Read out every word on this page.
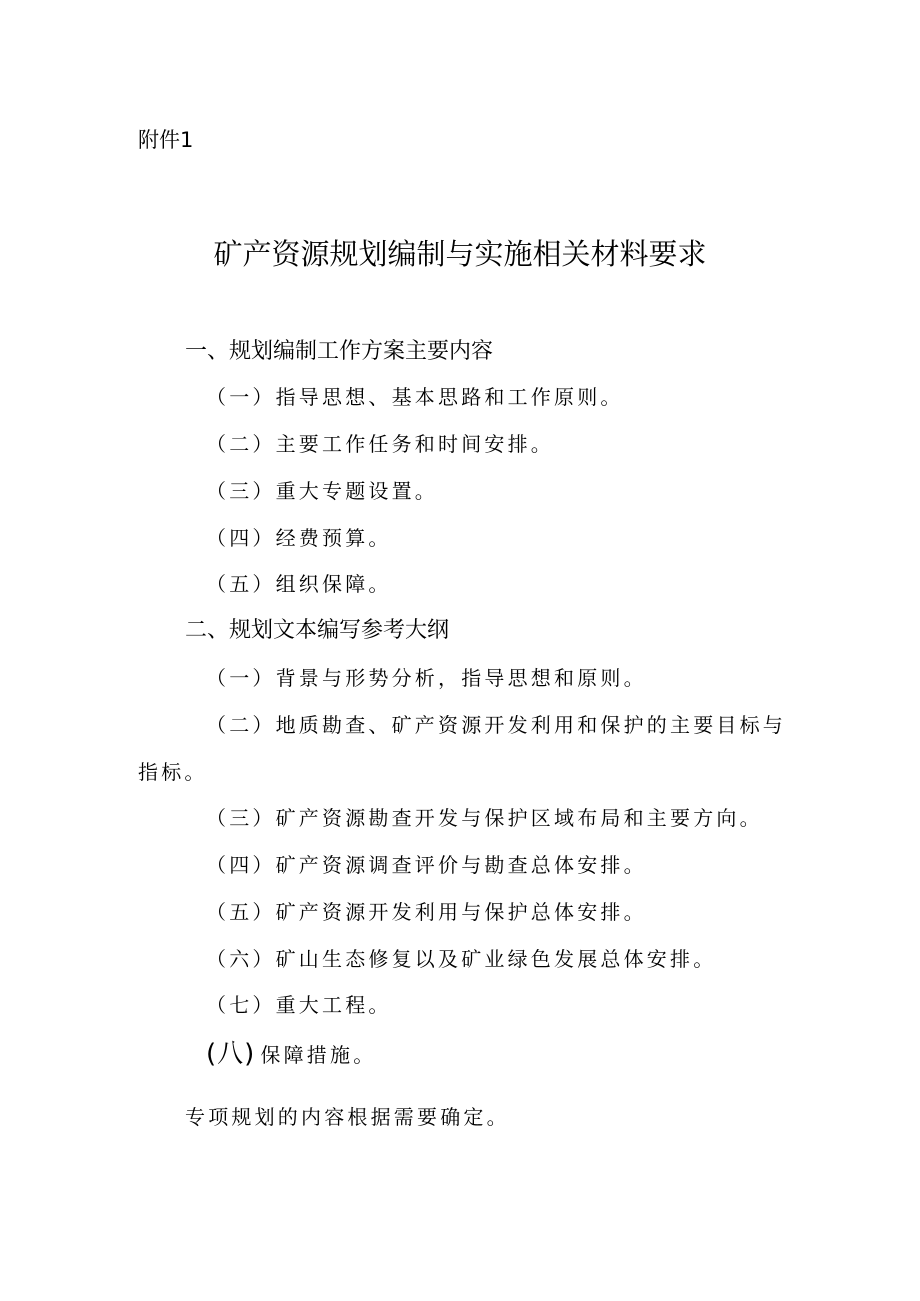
附件1
矿产资源规划编制与实施相关材料要求
一、规划编制工作方案主要内容
（一）指导思想、基本思路和工作原则。
（二）主要工作任务和时间安排。
（三）重大专题设置。
（四）经费预算。
（五）组织保障。
二、规划文本编写参考大纲
（一）背景与形势分析，指导思想和原则。
（二）地质勘查、矿产资源开发利用和保护的主要目标与
指标。
（三）矿产资源勘查开发与保护区域布局和主要方向。
（四）矿产资源调查评价与勘查总体安排。
（五）矿产资源开发利用与保护总体安排。
（六）矿山生态修复以及矿业绿色发展总体安排。
（七）重大工程。
(八) 保障措施。
专项规划的内容根据需要确定。
